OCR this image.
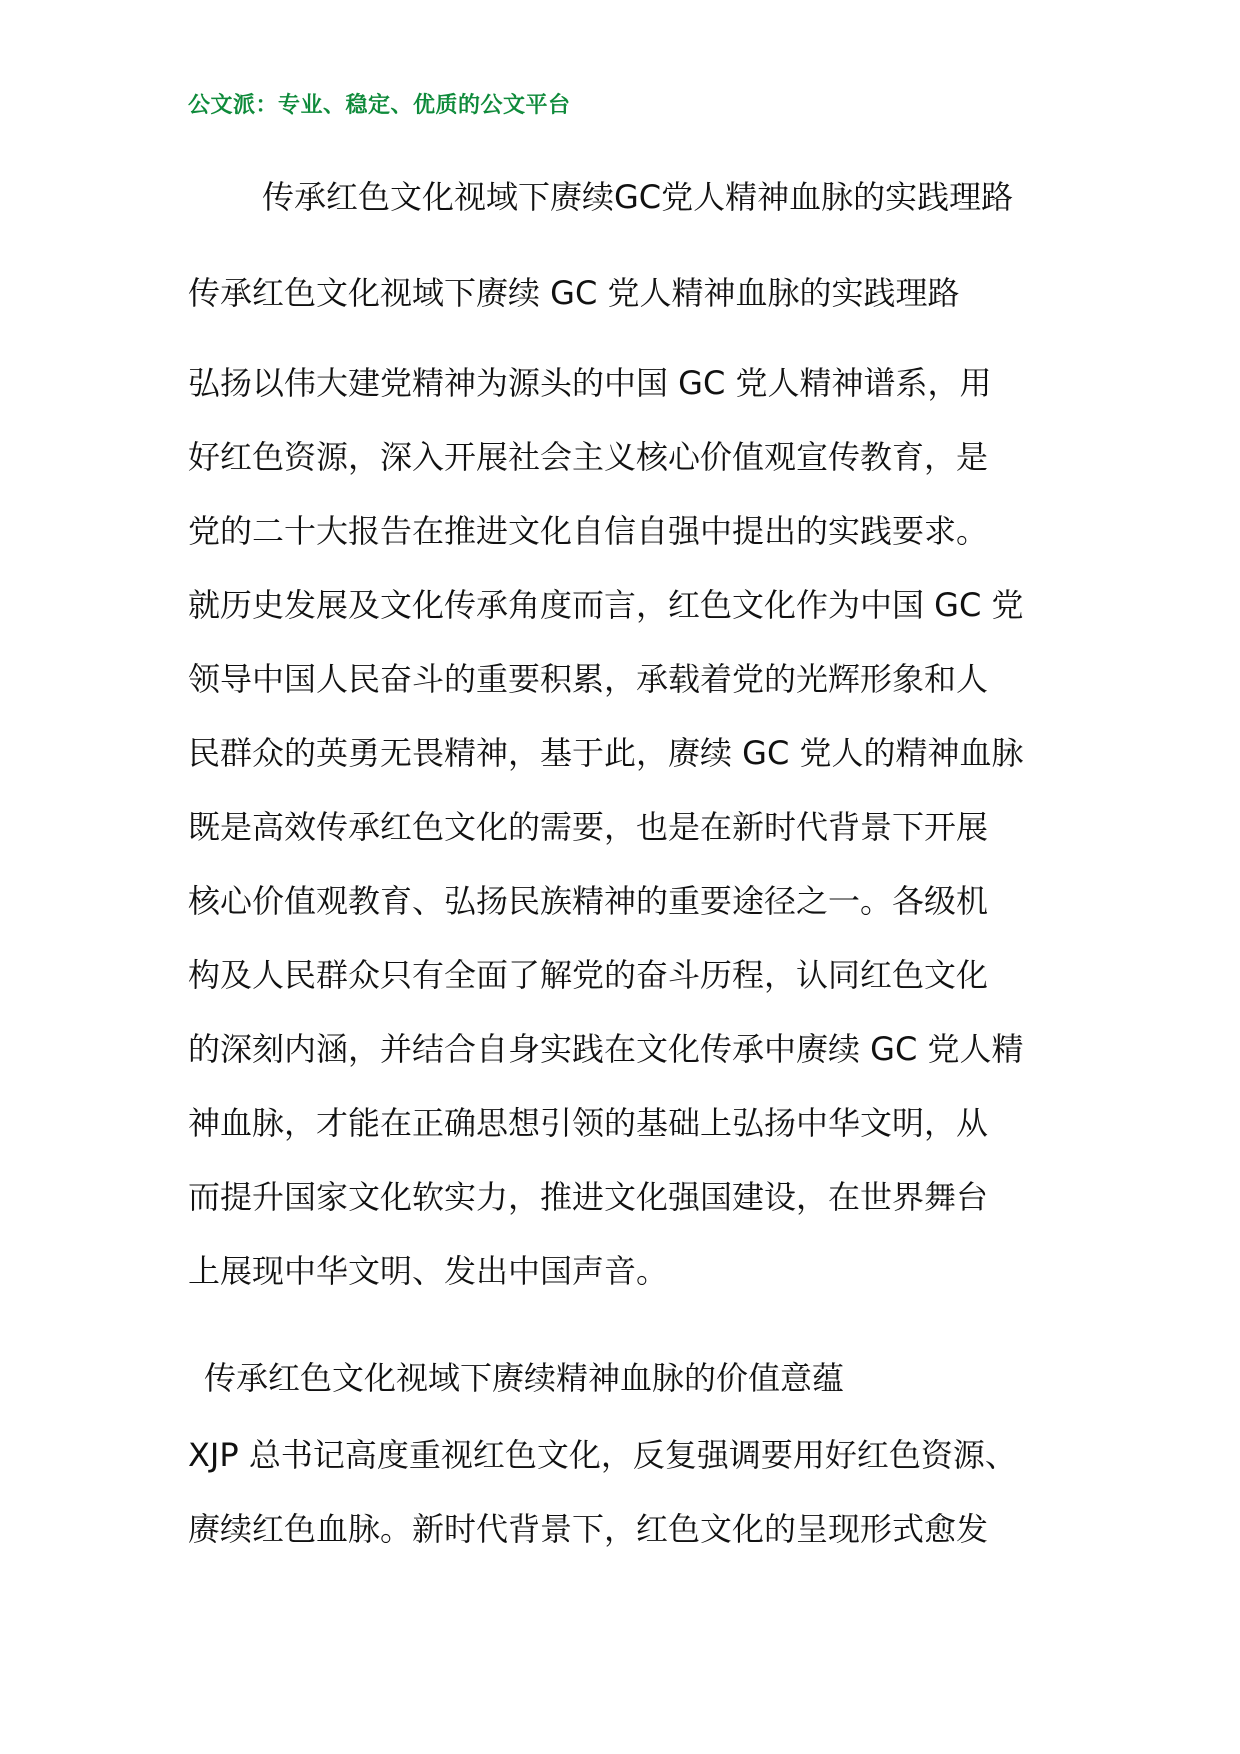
公文派：专业、稳定、优质的公文平台
传承红色文化视域下赓续GC党人精神血脉的实践理路
传承红色文化视域下赓续 GC 党人精神血脉的实践理路
弘扬以伟大建党精神为源头的中国 GC 党人精神谱系，用
好红色资源，深入开展社会主义核心价值观宣传教育，是
党的二十大报告在推进文化自信自强中提出的实践要求。
就历史发展及文化传承角度而言，红色文化作为中国 GC 党
领导中国人民奋斗的重要积累，承载着党的光辉形象和人
民群众的英勇无畏精神，基于此，赓续 GC 党人的精神血脉
既是高效传承红色文化的需要，也是在新时代背景下开展
核心价值观教育、弘扬民族精神的重要途径之一。各级机
构及人民群众只有全面了解党的奋斗历程，认同红色文化
的深刻内涵，并结合自身实践在文化传承中赓续 GC 党人精
神血脉，才能在正确思想引领的基础上弘扬中华文明，从
而提升国家文化软实力，推进文化强国建设，在世界舞台
上展现中华文明、发出中国声音。
传承红色文化视域下赓续精神血脉的价值意蕴
XJP 总书记高度重视红色文化，反复强调要用好红色资源、
赓续红色血脉。新时代背景下，红色文化的呈现形式愈发
